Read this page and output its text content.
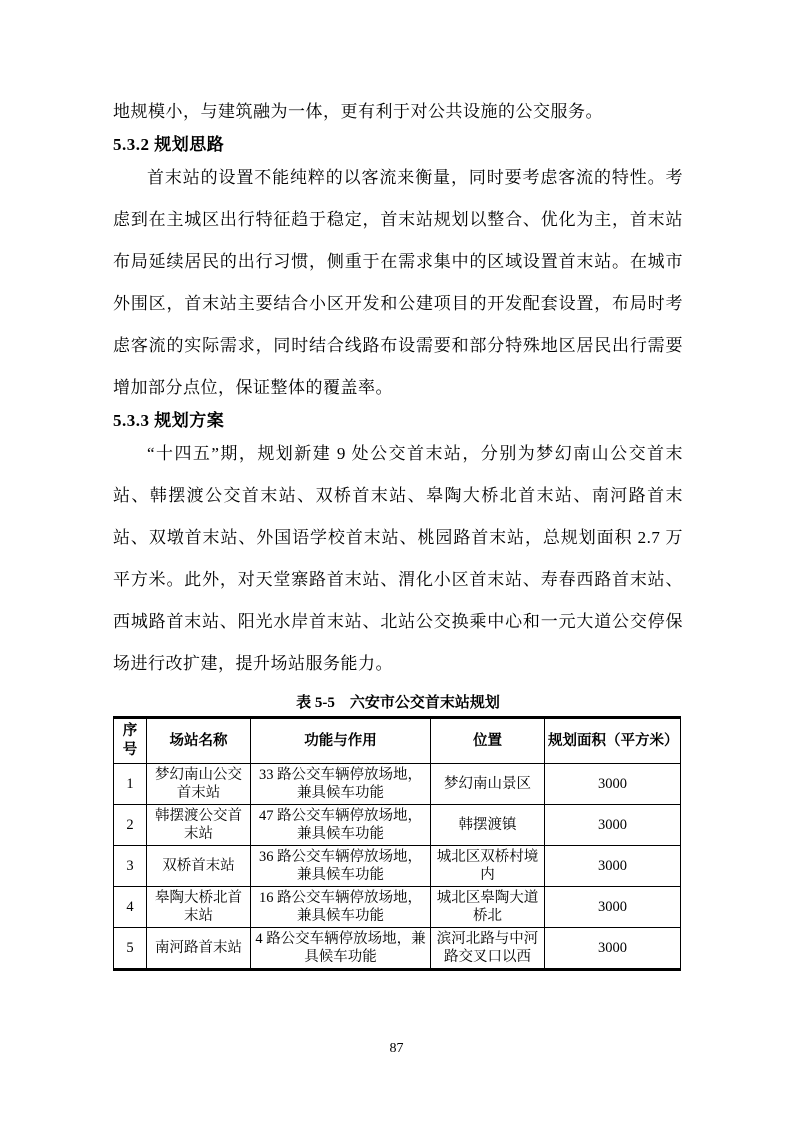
地规模小，与建筑融为一体，更有利于对公共设施的公交服务。

5.3.2 规划思路

首末站的设置不能纯粹的以客流来衡量，同时要考虑客流的特性。考虑到在主城区出行特征趋于稳定，首末站规划以整合、优化为主，首末站布局延续居民的出行习惯，侧重于在需求集中的区域设置首末站。在城市外围区，首末站主要结合小区开发和公建项目的开发配套设置，布局时考虑客流的实际需求，同时结合线路布设需要和部分特殊地区居民出行需要增加部分点位，保证整体的覆盖率。

5.3.3 规划方案

“十四五”期，规划新建 9 处公交首末站，分别为梦幻南山公交首末站、韩摆渡公交首末站、双桥首末站、皋陶大桥北首末站、南河路首末站、双墩首末站、外国语学校首末站、桃园路首末站，总规划面积 2.7 万平方米。此外，对天堂寨路首末站、渭化小区首末站、寿春西路首末站、西城路首末站、阳光水岸首末站、北站公交换乘中心和一元大道公交停保场进行改扩建，提升场站服务能力。

表 5-5　六安市公交首末站规划
序号	场站名称	功能与作用	位置	规划面积（平方米）
1	梦幻南山公交首末站	33 路公交车辆停放场地，兼具候车功能	梦幻南山景区	3000
2	韩摆渡公交首末站	47 路公交车辆停放场地，兼具候车功能	韩摆渡镇	3000
3	双桥首末站	36 路公交车辆停放场地，兼具候车功能	城北区双桥村境内	3000
4	皋陶大桥北首末站	16 路公交车辆停放场地，兼具候车功能	城北区皋陶大道桥北	3000
5	南河路首末站	4 路公交车辆停放场地，兼具候车功能	滨河北路与中河路交叉口以西	3000
87
